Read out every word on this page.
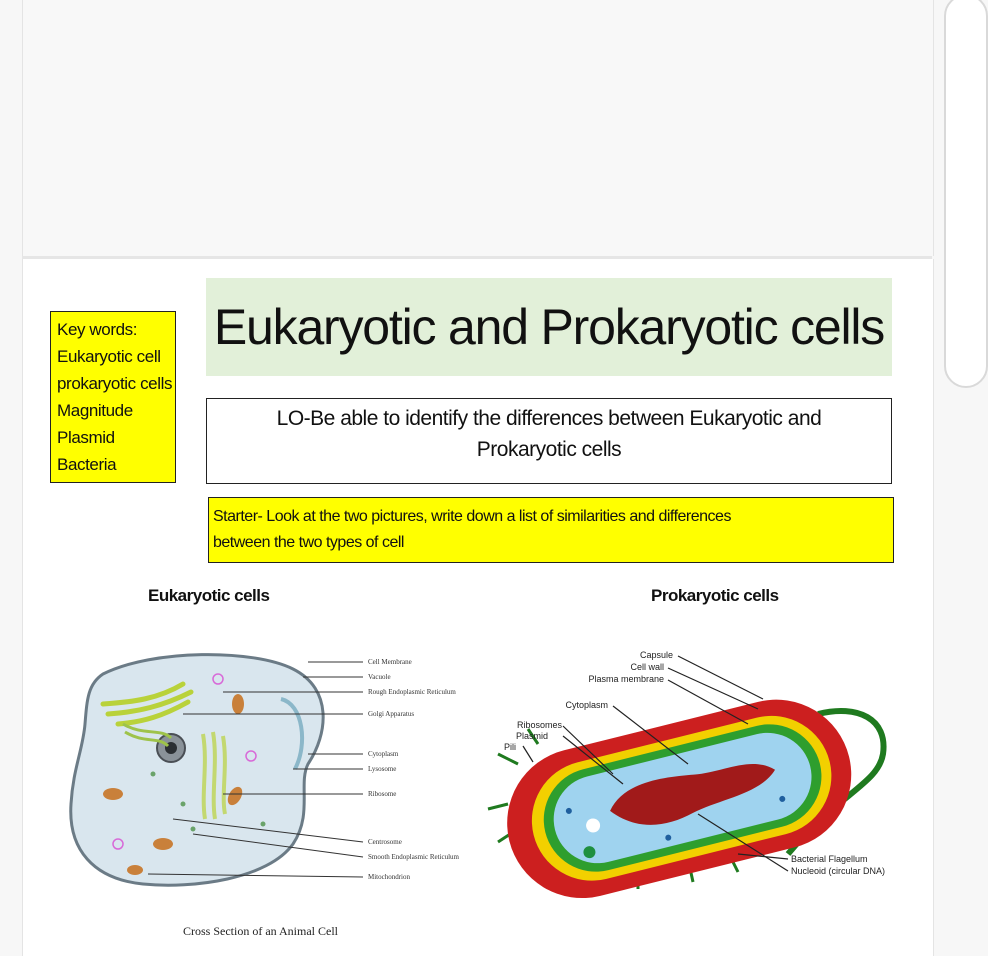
Key words:
Eukaryotic cell
prokaryotic cells
Magnitude
Plasmid
Bacteria
Eukaryotic and Prokaryotic cells
LO-Be able to identify the differences between Eukaryotic and
Prokaryotic cells
Starter- Look at the two pictures, write down a list of similarities and differences
between the two types of cell
Eukaryotic cells	Prokaryotic cells
Cell Membrane
Vacuole
Rough Endoplasmic Reticulum
Golgi Apparatus
Cytoplasm
Lysosome
Ribosome
Centrosome
Smooth Endoplasmic Reticulum
Mitochondrion
Cross Section of an Animal Cell
Capsule
Cell wall
Plasma membrane
Cytoplasm
Ribosomes
Plasmid
Pili
Bacterial Flagellum
Nucleoid (circular DNA)
